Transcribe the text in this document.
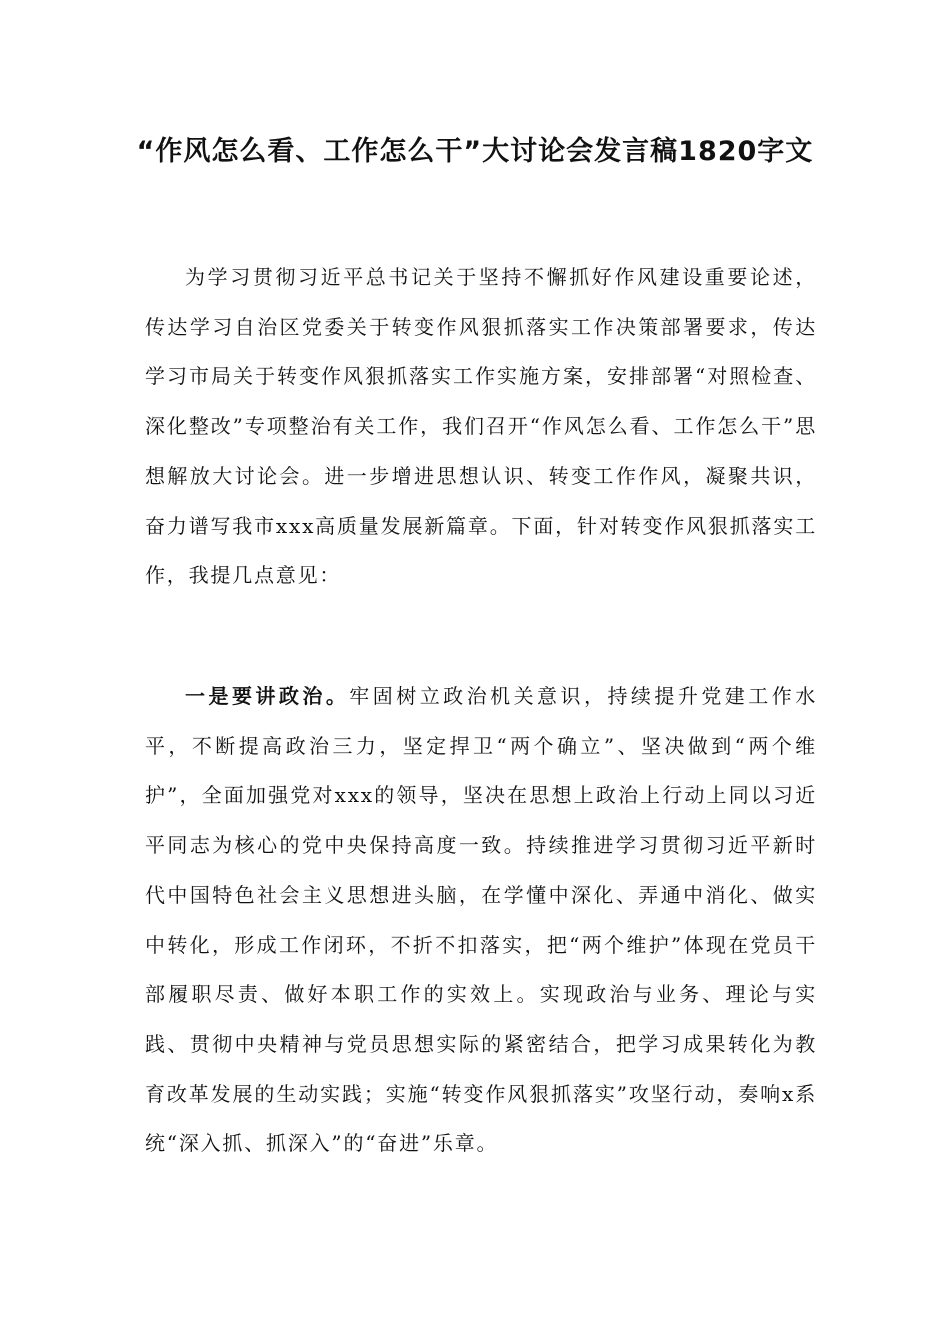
“作风怎么看、工作怎么干”大讨论会发言稿1820字文

为学习贯彻习近平总书记关于坚持不懈抓好作风建设重要论述，传达学习自治区党委关于转变作风狠抓落实工作决策部署要求，传达学习市局关于转变作风狠抓落实工作实施方案，安排部署“对照检查、深化整改”专项整治有关工作，我们召开“作风怎么看、工作怎么干”思想解放大讨论会。进一步增进思想认识、转变工作作风，凝聚共识，奋力谱写我市xxx高质量发展新篇章。下面，针对转变作风狠抓落实工作，我提几点意见：

一是要讲政治。牢固树立政治机关意识，持续提升党建工作水平，不断提高政治三力，坚定捍卫“两个确立”、坚决做到“两个维护”，全面加强党对xxx的领导，坚决在思想上政治上行动上同以习近平同志为核心的党中央保持高度一致。持续推进学习贯彻习近平新时代中国特色社会主义思想进头脑，在学懂中深化、弄通中消化、做实中转化，形成工作闭环，不折不扣落实，把“两个维护”体现在党员干部履职尽责、做好本职工作的实效上。实现政治与业务、理论与实践、贯彻中央精神与党员思想实际的紧密结合，把学习成果转化为教育改革发展的生动实践；实施“转变作风狠抓落实”攻坚行动，奏响x系统“深入抓、抓深入”的“奋进”乐章。
